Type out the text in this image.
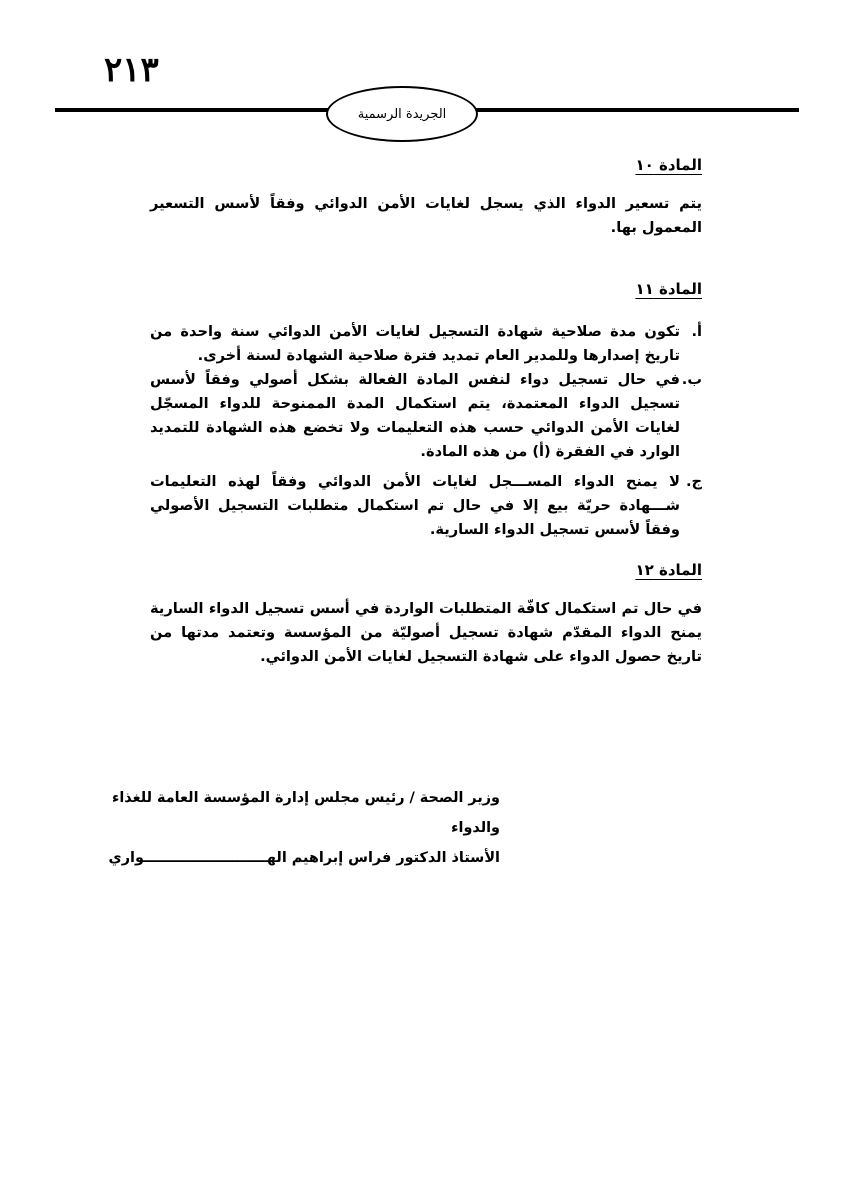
٢١٣
الجريدة الرسمية
المادة ١٠

يتم تسعير الدواء الذي يسجل لغايات الأمن الدوائي وفقاً لأسس التسعير المعمول بها.

المادة ١١
أ.
تكون مدة صلاحية شهادة التسجيل لغايات الأمن الدوائي سنة واحدة من تاريخ إصدارها وللمدير العام تمديد فترة صلاحية الشهادة لسنة أخرى.
ب.
في حال تسجيل دواء لنفس المادة الفعالة بشكل أصولي وفقاً لأسس تسجيل الدواء المعتمدة، يتم استكمال المدة الممنوحة للدواء المسجّل لغايات الأمن الدوائي حسب هذه التعليمات ولا تخضع هذه الشهادة للتمديد الوارد في الفقرة (أ) من هذه المادة.
ج.
لا يمنح الدواء المســـجل لغايات الأمن الدوائي وفقاً لهذه التعليمات شـــهادة حريّة بيع إلا في حال تم استكمال متطلبات التسجيل الأصولي وفقاً لأسس تسجيل الدواء السارية.
المادة ١٢

في حال تم استكمال كافّة المتطلبات الواردة في أسس تسجيل الدواء السارية يمنح الدواء المقدّم شهادة تسجيل أصوليّة من المؤسسة وتعتمد مدتها من تاريخ حصول الدواء على شهادة التسجيل لغايات الأمن الدوائي.

وزير الصحة / رئيس مجلس إدارة المؤسسة العامة للغذاء والدواء
الأستاذ الدكتور فراس إبراهيم الهـــــــــــــــــــــــــواري
